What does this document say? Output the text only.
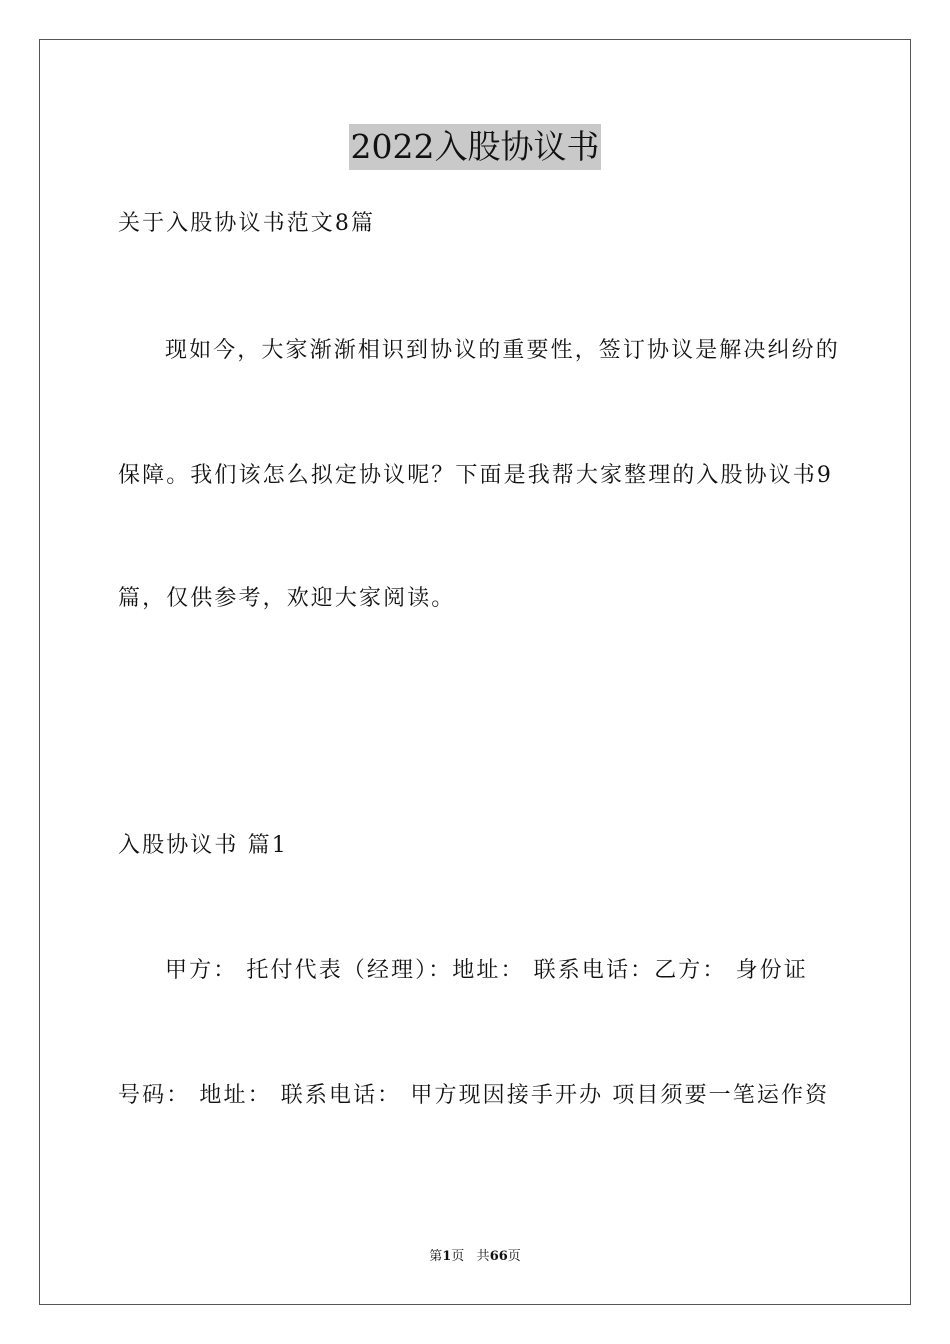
2022入股协议书
关于入股协议书范文8篇
现如今，大家渐渐相识到协议的重要性，签订协议是解决纠纷的
保障。我们该怎么拟定协议呢？下面是我帮大家整理的入股协议书9
篇，仅供参考，欢迎大家阅读。
入股协议书 篇1
甲方： 托付代表（经理）：地址： 联系电话：乙方： 身份证
号码： 地址： 联系电话： 甲方现因接手开办 项目须要一笔运作资
第1页 共66页
